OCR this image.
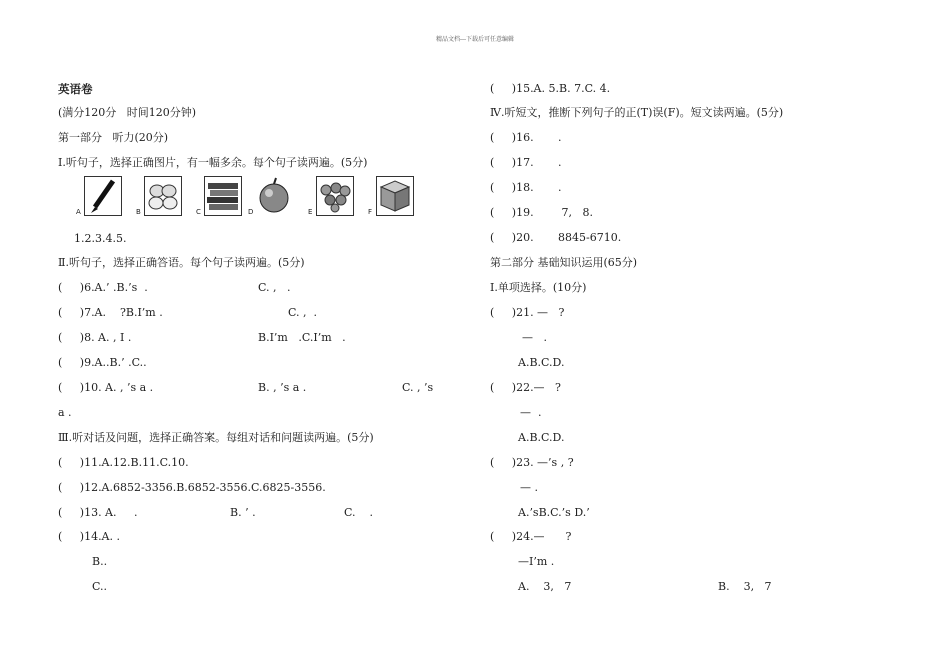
精品文档---下载后可任意编辑
英语卷
(满分120分   时间120分钟)
第一部分   听力(20分)
Ⅰ.听句子，选择正确图片，有一幅多余。每个句子读两遍。(5分)
A	B	C	D	E	F
1.2.3.4.5.
Ⅱ.听句子，选择正确答语。每个句子读两遍。(5分)
(     )6.A.’ .B.’s  .	C. ,   .
(     )7.A.    ?B.I’m .	C. ,  .
(     )8. A. , I .	B.I’m   .C.I’m   .
(     )9.A..B.’ .C..
(     )10. A. , ’s a .	B. , ’s a .	C. , ’s
a .
Ⅲ.听对话及问题，选择正确答案。每组对话和问题读两遍。(5分)
(     )11.A.12.B.11.C.10.
(     )12.A.6852-3356.B.6852-3556.C.6825-3556.
(     )13. A.     .	B. ’ .	C.    .
(     )14.A. .
B..
C..
(     )15.A. 5.B. 7.C. 4.
Ⅳ.听短文，推断下列句子的正(T)误(F)。短文读两遍。(5分)
(     )16.       .
(     )17.       .
(     )18.       .
(     )19.        7,   8.
(     )20.       8845-6710.
第二部分 基础知识运用(65分)
Ⅰ.单项选择。(10分)
(     )21. —   ?
—   .
A.B.C.D.
(     )22.—   ?
—  .
A.B.C.D.
(     )23. —’s , ?
— .
A.’sB.C.’s D.’
(     )24.—      ?
—I’m .
A.    3,   7	B.    3,   7
